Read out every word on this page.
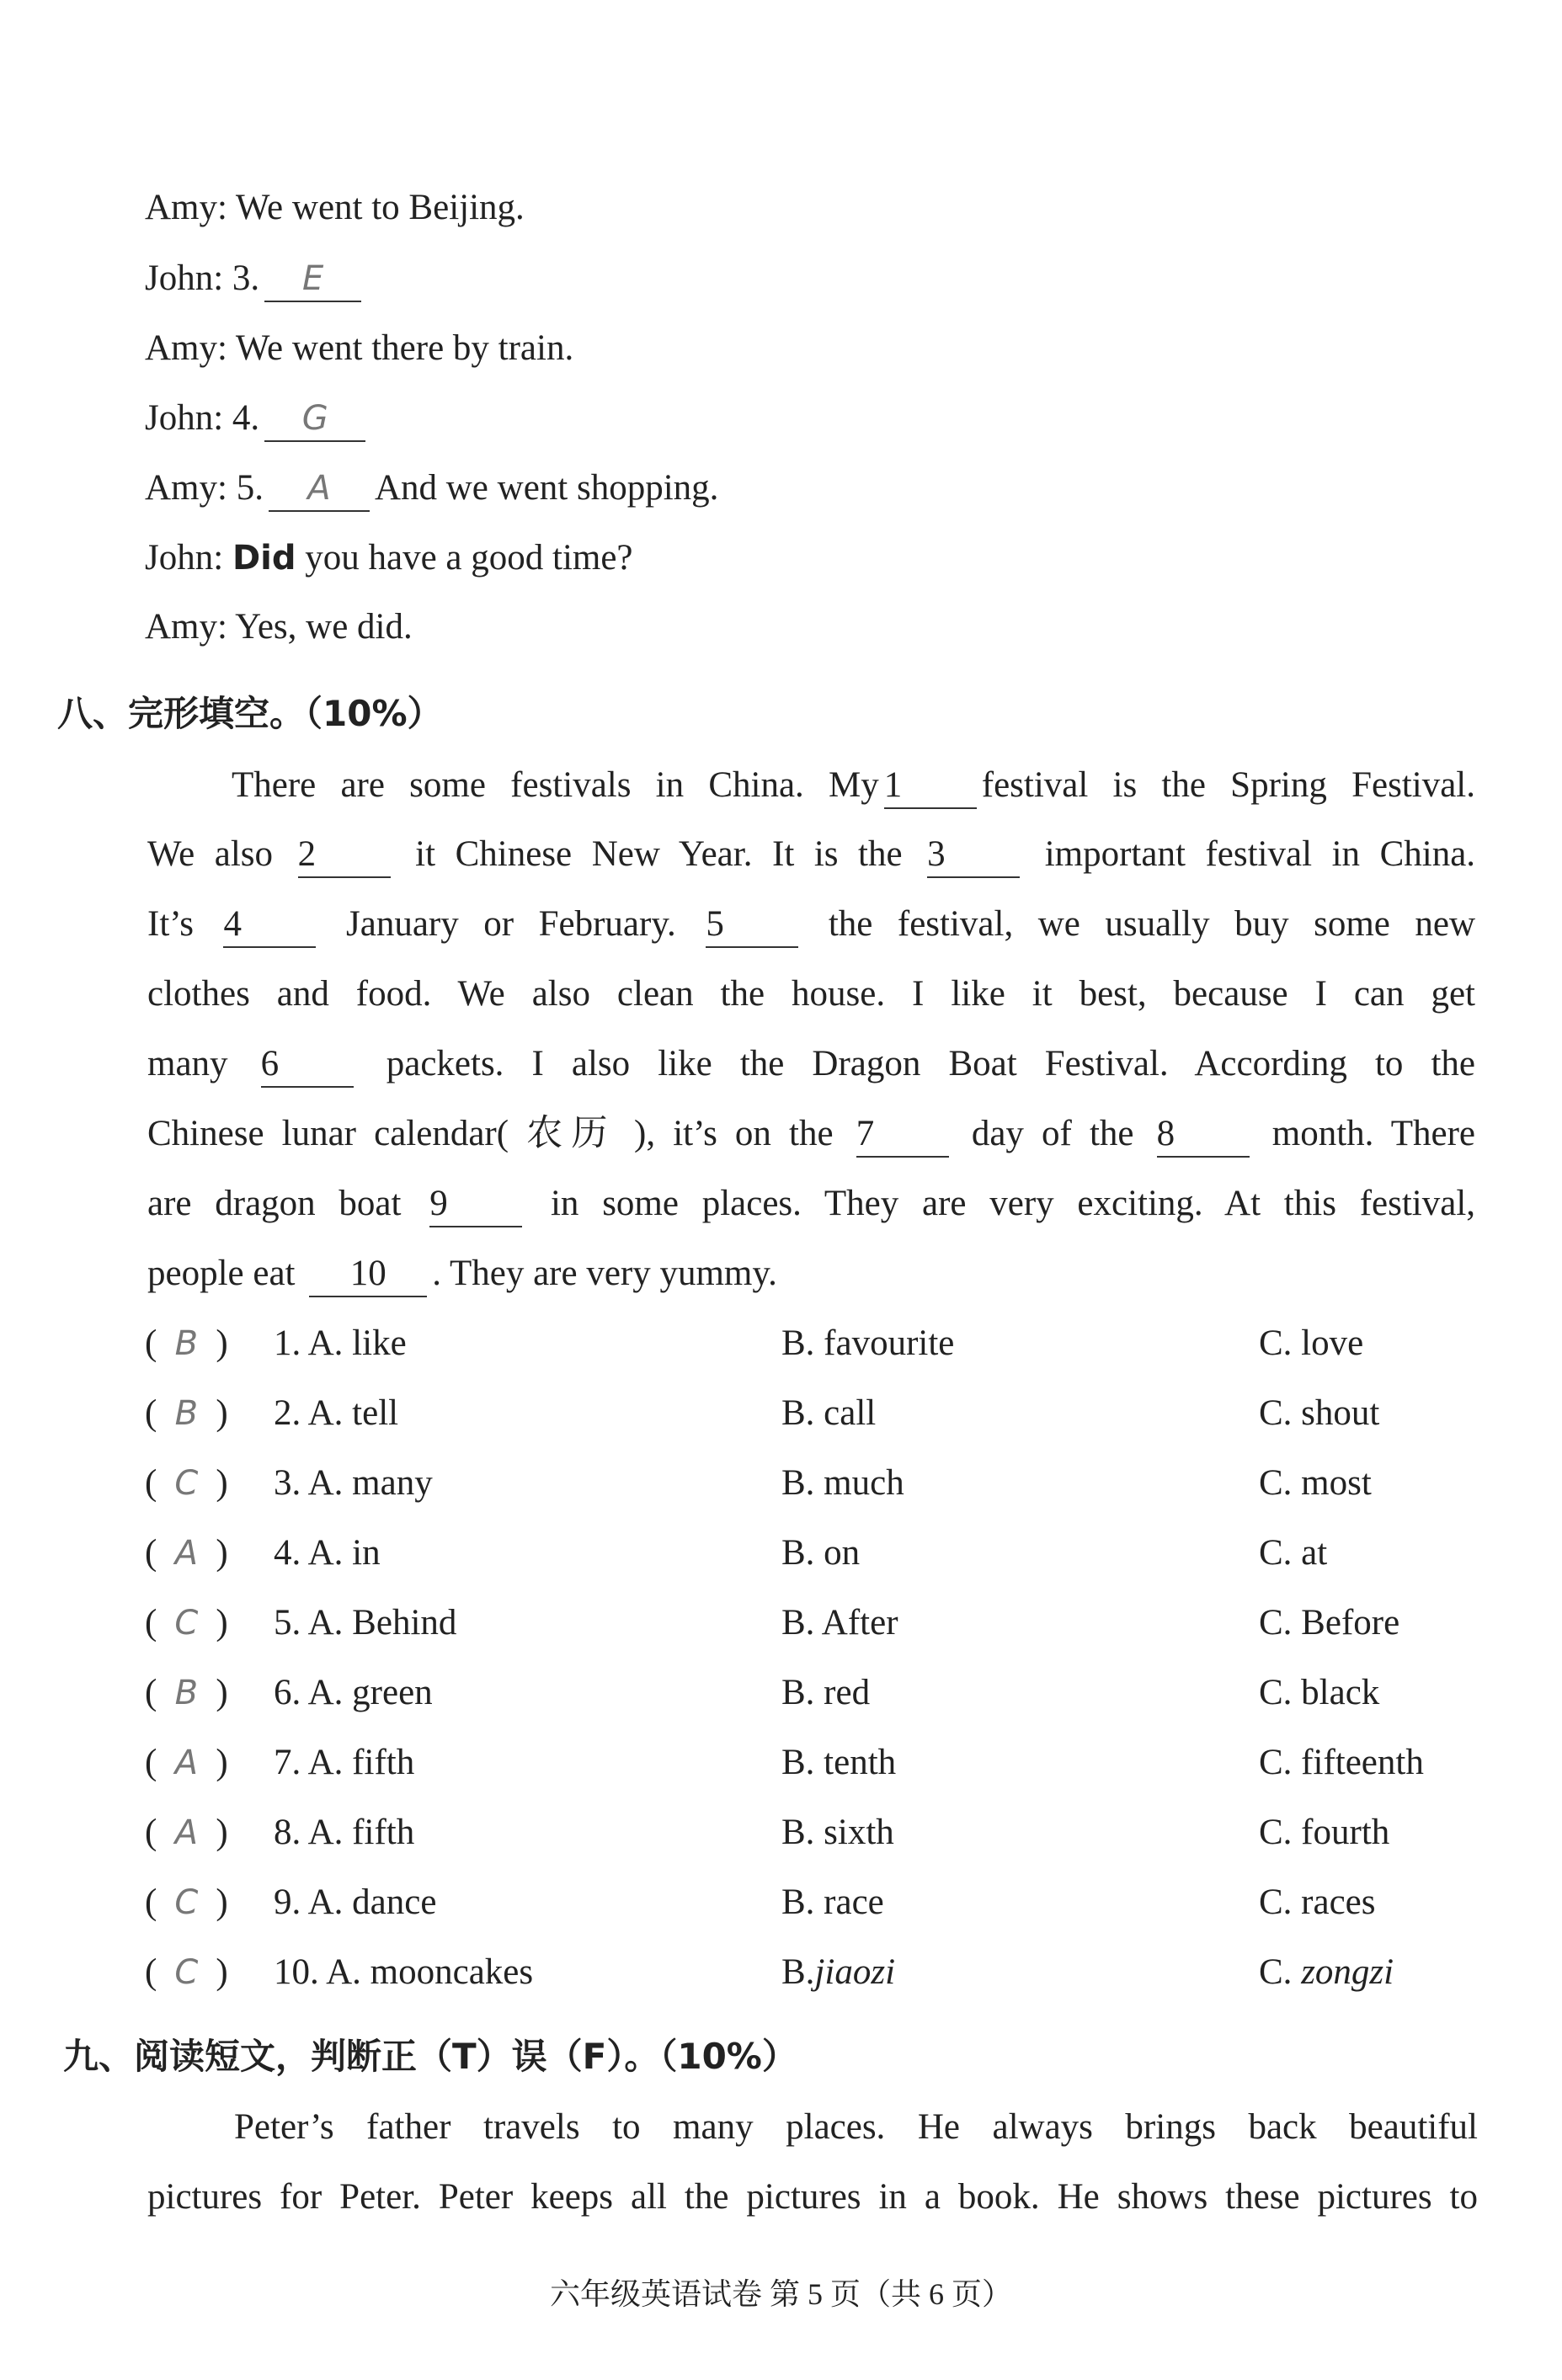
Amy: We went to Beijing.
John: 3. E
Amy: We went there by train.
John: 4. G
Amy: 5. A And we went shopping.
John: Did you have a good time?
Amy: Yes, we did.
八、完形填空。（10%）
There are some festivals in China. My 1 festival is the Spring Festival.
We also 2	it Chinese New Year. It is the 3	important festival in China.
It’s 4	January or February. 5	the festival, we usually buy some new
clothes and food. We also clean the house. I like it best, because I can get
many 6	packets. I also like the Dragon Boat Festival. According to the
Chinese lunar calendar( 农历 ), it’s on the 7	day of the 8	month. There
are dragon boat 9	in some places. They are very exciting. At this festival,
people eat 10 . They are very yummy.
( B ) 1. A. like	B. favourite	C. love
( B ) 2. A. tell	B. call	C. shout
( C ) 3. A. many	B. much	C. most
( A ) 4. A. in	B. on	C. at
( C ) 5. A. Behind	B. After	C. Before
( B ) 6. A. green	B. red	C. black
( A ) 7. A. fifth	B. tenth	C. fifteenth
( A ) 8. A. fifth	B. sixth	C. fourth
( C ) 9. A. dance	B. race	C. races
( C ) 10. A. mooncakes	B.jiaozi	C. zongzi
九、阅读短文，判断正（T）误（F）。（10%）
Peter’s father travels to many places. He always brings back beautiful
pictures for Peter. Peter keeps all the pictures in a book. He shows these pictures to
六年级英语试卷 第 5 页（共 6 页）
